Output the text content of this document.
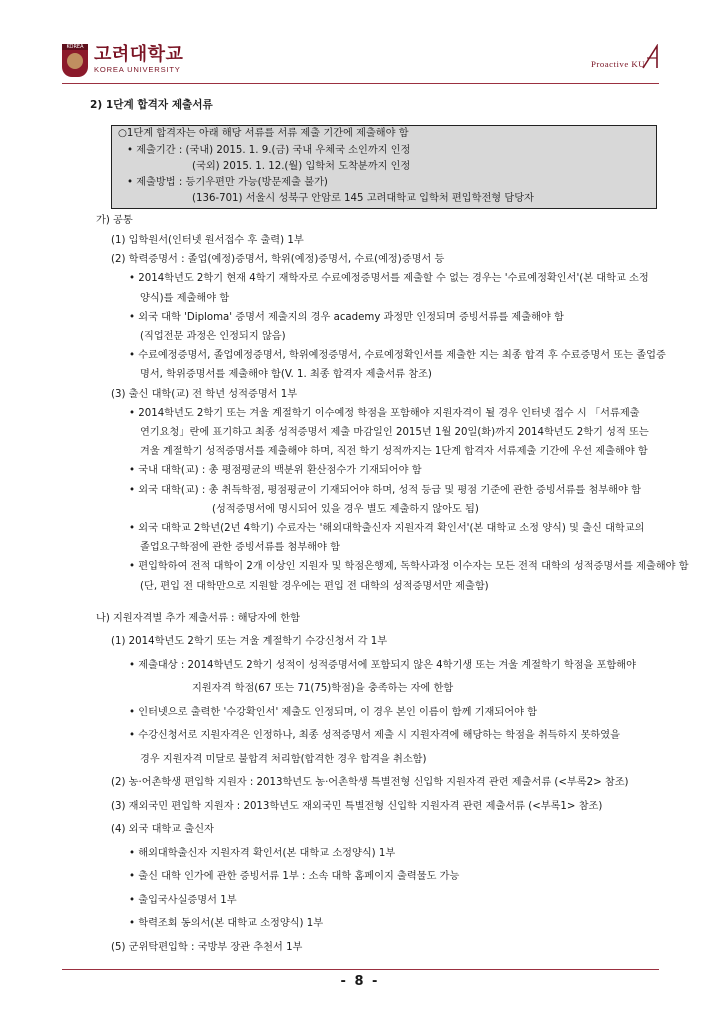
KOREA 고려대학교
KOREA UNIVERSITY
Proactive KU
2) 1단계 합격자 제출서류
○1단계 합격자는 아래 해당 서류를 서류 제출 기간에 제출해야 함
• 제출기간 : (국내) 2015. 1. 9.(금) 국내 우체국 소인까지 인정
(국외) 2015. 1. 12.(월) 입학처 도착분까지 인정
• 제출방법 : 등기우편만 가능(방문제출 불가)
(136-701) 서울시 성북구 안암로 145 고려대학교 입학처 편입학전형 담당자
가) 공통
(1) 입학원서(인터넷 원서접수 후 출력) 1부
(2) 학력증명서 : 졸업(예정)증명서, 학위(예정)증명서, 수료(예정)증명서 등
• 2014학년도 2학기 현재 4학기 재학자로 수료예정증명서를 제출할 수 없는 경우는 '수료예정확인서'(본 대학교 소정
양식)를 제출해야 함
• 외국 대학 'Diploma' 증명서 제출지의 경우 academy 과정만 인정되며 증빙서류를 제출해야 함
(직업전문 과정은 인정되지 않음)
• 수료예정증명서, 졸업예정증명서, 학위예정증명서, 수료예정확인서를 제출한 지는 최종 합격 후 수료증명서 또는 졸업증
명서, 학위증명서를 제출해야 함(V. 1. 최종 합격자 제출서류 참조)
(3) 출신 대학(교) 전 학년 성적증명서 1부
• 2014학년도 2학기 또는 겨울 계절학기 이수예정 학점을 포함해야 지원자격이 될 경우 인터넷 접수 시 「서류제출
연기요청」란에 표기하고 최종 성적증명서 제출 마감일인 2015년 1월 20일(화)까지 2014학년도 2학기 성적 또는
겨울 계절학기 성적증명서를 제출해야 하며, 직전 학기 성적까지는 1단계 합격자 서류제출 기간에 우선 제출해야 함
• 국내 대학(교) : 총 평점평균의 백분위 환산점수가 기재되어야 함
• 외국 대학(교) : 총 취득학점, 평점평균이 기재되어야 하며, 성적 등급 및 평점 기준에 관한 증빙서류를 첨부해야 함
(성적증명서에 명시되어 있을 경우 별도 제출하지 않아도 됨)
• 외국 대학교 2학년(2년 4학기) 수료자는 '해외대학출신자 지원자격 확인서'(본 대학교 소정 양식) 및 출신 대학교의
졸업요구학점에 관한 증빙서류를 첨부해야 함
• 편입학하여 전적 대학이 2개 이상인 지원자 및 학점은행제, 독학사과정 이수자는 모든 전적 대학의 성적증명서를 제출해야 함
(단, 편입 전 대학만으로 지원할 경우에는 편입 전 대학의 성적증명서만 제출함)
나) 지원자격별 추가 제출서류 : 해당자에 한함
- 8 -
(1) 2014학년도 2학기 또는 겨울 계절학기 수강신청서 각 1부
• 제출대상 : 2014학년도 2학기 성적이 성적증명서에 포함되지 않은 4학기생 또는 겨울 계절학기 학점을 포함해야
지원자격 학점(67 또는 71(75)학점)을 충족하는 자에 한함
• 인터넷으로 출력한 '수강확인서' 제출도 인정되며, 이 경우 본인 이름이 함께 기재되어야 함
• 수강신청서로 지원자격은 인정하나, 최종 성적증명서 제출 시 지원자격에 해당하는 학점을 취득하지 못하였을
경우 지원자격 미달로 불합격 처리함(합격한 경우 합격을 취소함)
(2) 농·어촌학생 편입학 지원자 : 2013학년도 농·어촌학생 특별전형 신입학 지원자격 관련 제출서류 (<부록2> 참조)
(3) 재외국민 편입학 지원자 : 2013학년도 재외국민 특별전형 신입학 지원자격 관련 제출서류 (<부록1> 참조)
(4) 외국 대학교 출신자
• 해외대학출신자 지원자격 확인서(본 대학교 소정양식) 1부
• 출신 대학 인가에 관한 증빙서류 1부 : 소속 대학 홈페이지 출력물도 가능
• 출입국사실증명서 1부
• 학력조회 동의서(본 대학교 소정양식) 1부
(5) 군위탁편입학 : 국방부 장관 추천서 1부
